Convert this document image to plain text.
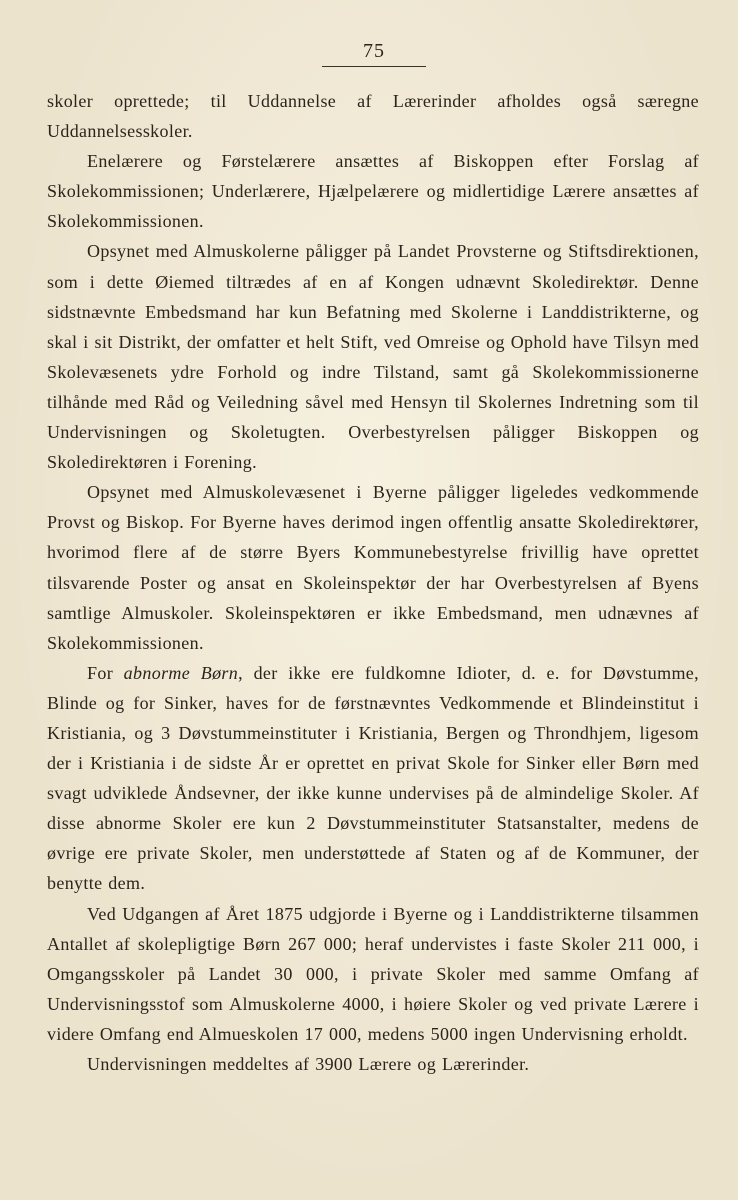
75

skoler oprettede; til Uddannelse af Lærerinder afholdes også særegne Uddannelsesskoler.

Enelærere og Førstelærere ansættes af Biskoppen efter Forslag af Skolekommissionen; Underlærere, Hjælpelærere og midlertidige Lærere ansættes af Skolekommissionen.

Opsynet med Almuskolerne påligger på Landet Provsterne og Stiftsdirektionen, som i dette Øiemed tiltrædes af en af Kongen udnævnt Skoledirektør. Denne sidstnævnte Embedsmand har kun Befatning med Skolerne i Landdistrikterne, og skal i sit Distrikt, der omfatter et helt Stift, ved Omreise og Ophold have Tilsyn med Skolevæsenets ydre Forhold og indre Tilstand, samt gå Skolekommissionerne tilhånde med Råd og Veiledning såvel med Hensyn til Skolernes Indretning som til Undervisningen og Skoletugten. Overbestyrelsen påligger Biskoppen og Skoledirektøren i Forening.

Opsynet med Almuskolevæsenet i Byerne påligger ligeledes vedkommende Provst og Biskop. For Byerne haves derimod ingen offentlig ansatte Skoledirektører, hvorimod flere af de større Byers Kommunebestyrelse frivillig have oprettet tilsvarende Poster og ansat en Skoleinspektør der har Overbestyrelsen af Byens samtlige Almuskoler. Skoleinspektøren er ikke Embedsmand, men udnævnes af Skolekommissionen.

For abnorme Børn, der ikke ere fuldkomne Idioter, d. e. for Døvstumme, Blinde og for Sinker, haves for de førstnævntes Vedkommende et Blindeinstitut i Kristiania, og 3 Døvstummeinstituter i Kristiania, Bergen og Throndhjem, ligesom der i Kristiania i de sidste År er oprettet en privat Skole for Sinker eller Børn med svagt udviklede Åndsevner, der ikke kunne undervises på de almindelige Skoler. Af disse abnorme Skoler ere kun 2 Døvstummeinstituter Statsanstalter, medens de øvrige ere private Skoler, men understøttede af Staten og af de Kommuner, der benytte dem.

Ved Udgangen af Året 1875 udgjorde i Byerne og i Landdistrikterne tilsammen Antallet af skolepligtige Børn 267 000; heraf undervistes i faste Skoler 211 000, i Omgangsskoler på Landet 30 000, i private Skoler med samme Omfang af Undervisningsstof som Almuskolerne 4000, i høiere Skoler og ved private Lærere i videre Omfang end Almueskolen 17 000, medens 5000 ingen Undervisning erholdt.

Undervisningen meddeltes af 3900 Lærere og Lærerinder.
